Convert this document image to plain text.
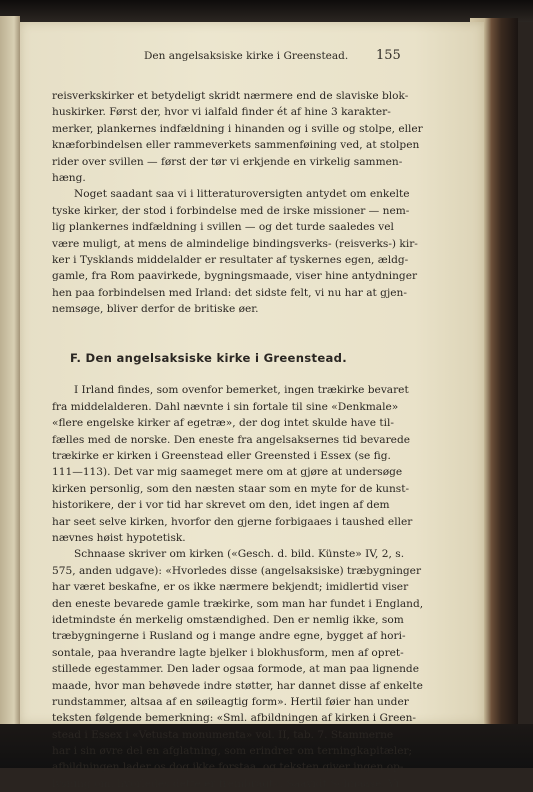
Den angelsaksiske kirke i Greenstead. 155
reisverkskirker et betydeligt skridt nærmere end de slaviske blok-
huskirker. Først der, hvor vi ialfald finder ét af hine 3 karakter-
merker, plankernes indfældning i hinanden og i sville og stolpe, eller
knæforbindelsen eller rammeverkets sammenføining ved, at stolpen
rider over svillen — først der tør vi erkjende en virkelig sammen-
hæng.
Noget saadant saa vi i litteraturoversigten antydet om enkelte
tyske kirker, der stod i forbindelse med de irske missioner — nem-
lig plankernes indfældning i svillen — og det turde saaledes vel
være muligt, at mens de almindelige bindingsverks- (reisverks-) kir-
ker i Tysklands middelalder er resultater af tyskernes egen, ældg-
gamle, fra Rom paavirkede, bygningsmaade, viser hine antydninger
hen paa forbindelsen med Irland: det sidste felt, vi nu har at gjen-
nemsøge, bliver derfor de britiske øer.
F. Den angelsaksiske kirke i Greenstead.
I Irland findes, som ovenfor bemerket, ingen trækirke bevaret
fra middelalderen. Dahl nævnte i sin fortale til sine «Denkmale»
«flere engelske kirker af egetræ», der dog intet skulde have til-
fælles med de norske. Den eneste fra angelsaksernes tid bevarede
trækirke er kirken i Greenstead eller Greensted i Essex (se fig.
111—113). Det var mig saameget mere om at gjøre at undersøge
kirken personlig, som den næsten staar som en myte for de kunst-
historikere, der i vor tid har skrevet om den, idet ingen af dem
har seet selve kirken, hvorfor den gjerne forbigaaes i taushed eller
nævnes høist hypotetisk.
Schnaase skriver om kirken («Gesch. d. bild. Künste» IV, 2, s.
575, anden udgave): «Hvorledes disse (angelsaksiske) træbygninger
har været beskafne, er os ikke nærmere bekjendt; imidlertid viser
den eneste bevarede gamle trækirke, som man har fundet i England,
idetmindste én merkelig omstændighed. Den er nemlig ikke, som
træbygningerne i Rusland og i mange andre egne, bygget af hori-
sontale, paa hverandre lagte bjelker i blokhusform, men af opret-
stillede egestammer. Den lader ogsaa formode, at man paa lignende
maade, hvor man behøvede indre støtter, har dannet disse af enkelte
rundstammer, altsaa af en søileagtig form». Hertil føier han under
teksten følgende bemerkning: «Sml. afbildningen af kirken i Green-
stead i Essex i «Vetusta monumenta» vol. II, tab. 7. Stammerne
har i sin øvre del en afglatning, som erindrer om terningkapitæler;
afbildningen lader os dog ikke forstaa, og teksten giver ingen op-
lysning om, hvorledes dette er frembragt». Saavidt Schnaase. Vi
